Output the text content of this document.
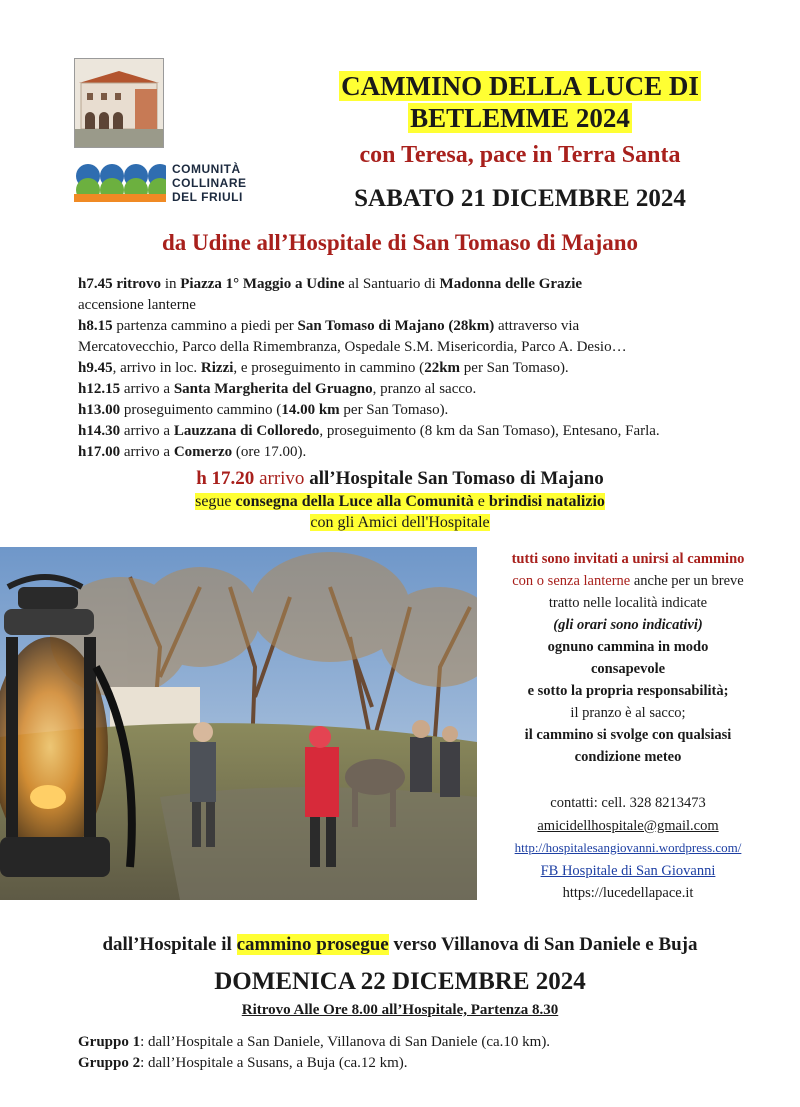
COMUNITÀ
COLLINARE
DEL FRIULI
CAMMINO DELLA LUCE DI
BETLEMME 2024
con Teresa, pace in Terra Santa
SABATO 21 DICEMBRE 2024
da Udine all’Hospitale di San Tomaso di Majano

h7.45 ritrovo in Piazza 1° Maggio a Udine al Santuario di Madonna delle Grazie

accensione lanterne

h8.15 partenza cammino a piedi per San Tomaso di Majano (28km) attraverso via

Mercatovecchio, Parco della Rimembranza, Ospedale S.M. Misericordia, Parco A. Desio…

h9.45, arrivo in loc. Rizzi, e proseguimento in cammino (22km per San Tomaso).

h12.15 arrivo a Santa Margherita del Gruagno, pranzo al sacco.

h13.00 proseguimento cammino (14.00 km per San Tomaso).

h14.30 arrivo a Lauzzana di Colloredo, proseguimento (8 km da San Tomaso), Entesano, Farla.

h17.00 arrivo a Comerzo (ore 17.00).

h 17.20 arrivo all’Hospitale San Tomaso di Majano
segue consegna della Luce alla Comunità e brindisi natalizio
con gli Amici dell'Hospitale

tutti sono invitati a unirsi al cammino

con o senza lanterne anche per un breve

tratto nelle località indicate

(gli orari sono indicativi)

ognuno cammina in modo

consapevole

e sotto la propria responsabilità;

il pranzo è al sacco;

il cammino si svolge con qualsiasi

condizione meteo

contatti: cell. 328 8213473

amicidellhospitale@gmail.com

http://hospitalesangiovanni.wordpress.com/

FB Hospitale di San Giovanni

https://lucedellapace.it

dall’Hospitale il cammino prosegue verso Villanova di San Daniele e Buja
DOMENICA 22 DICEMBRE 2024
Ritrovo Alle Ore 8.00 all’Hospitale, Partenza 8.30

Gruppo 1: dall’Hospitale a San Daniele, Villanova di San Daniele (ca.10 km).

Gruppo 2: dall’Hospitale a Susans, a Buja (ca.12 km).
